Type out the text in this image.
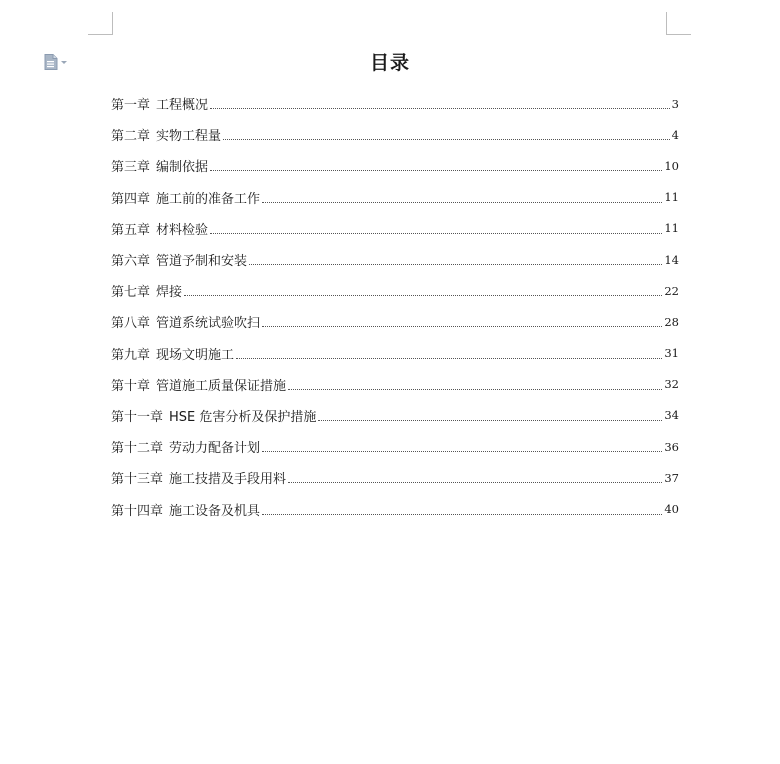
目录
第一章 工程概况	3
第二章 实物工程量	4
第三章 编制依据	10
第四章 施工前的准备工作	11
第五章 材料检验	11
第六章 管道予制和安装	14
第七章 焊接	22
第八章 管道系统试验吹扫	28
第九章 现场文明施工	31
第十章 管道施工质量保证措施	32
第十一章 HSE 危害分析及保护措施	34
第十二章 劳动力配备计划	36
第十三章 施工技措及手段用料	37
第十四章 施工设备及机具	40
